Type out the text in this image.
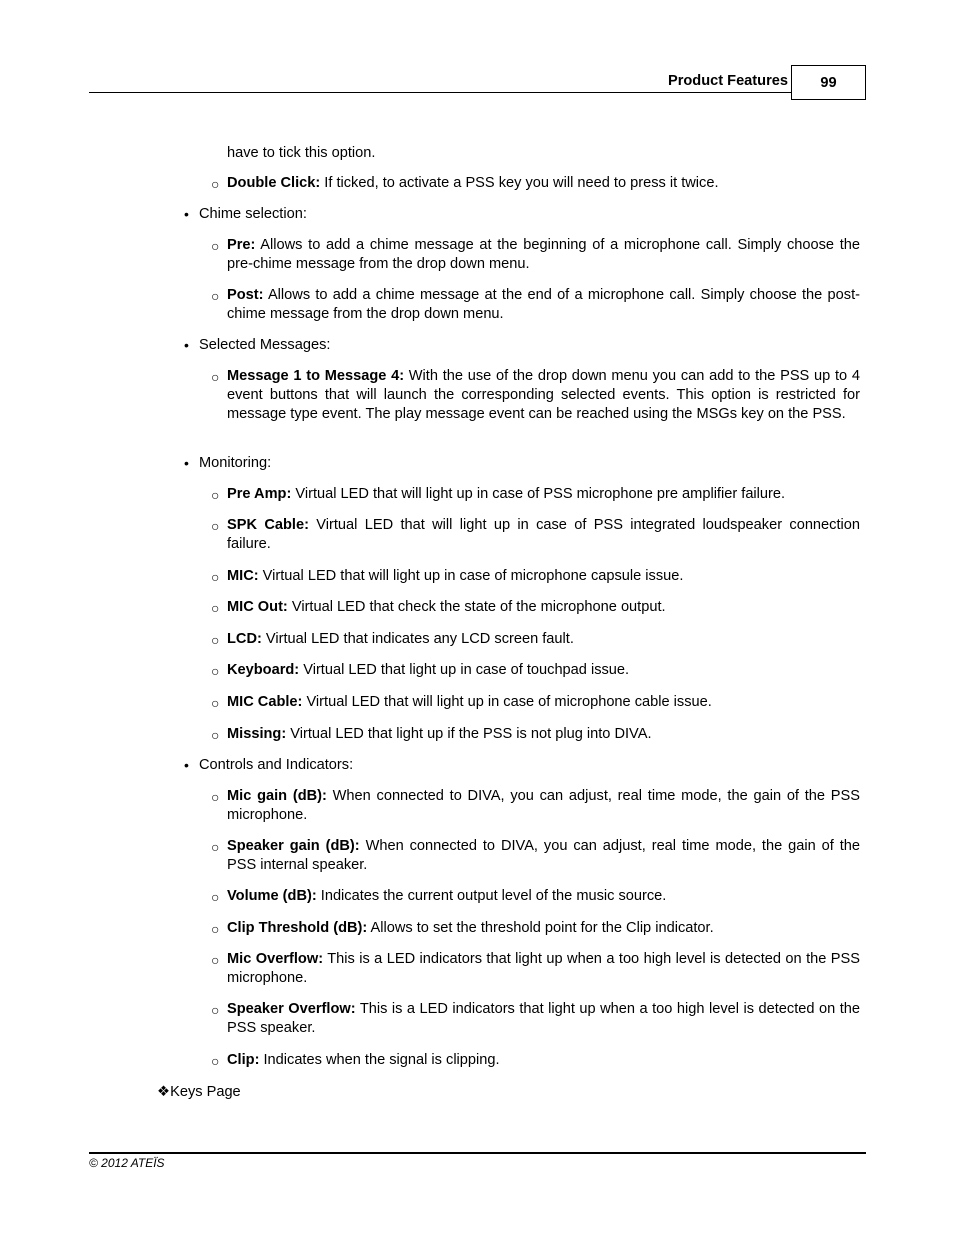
Product Features	99
have to tick this option.
○ Double Click: If ticked, to activate a PSS key you will need to press it twice.
• Chime selection:
○ Pre: Allows to add a chime message at the beginning of a microphone call. Simply choose the pre-chime message from the drop down menu.
○ Post: Allows to add a chime message at the end of a microphone call. Simply choose the post-chime message from the drop down menu.
• Selected Messages:
○ Message 1 to Message 4: With the use of the drop down menu you can add to the PSS up to 4 event buttons that will launch the corresponding selected events. This option is restricted for message type event. The play message event can be reached using the MSGs key on the PSS.
• Monitoring:
○ Pre Amp: Virtual LED that will light up in case of PSS microphone pre amplifier failure.
○ SPK Cable: Virtual LED that will light up in case of PSS integrated loudspeaker connection failure.
○ MIC: Virtual LED that will light up in case of microphone capsule issue.
○ MIC Out: Virtual LED that check the state of the microphone output.
○ LCD: Virtual LED that indicates any LCD screen fault.
○ Keyboard: Virtual LED that light up in case of touchpad issue.
○ MIC Cable: Virtual LED that will light up in case of microphone cable issue.
○ Missing: Virtual LED that light up if the PSS is not plug into DIVA.
• Controls and Indicators:
○ Mic gain (dB): When connected to DIVA, you can adjust, real time mode, the gain of the PSS microphone.
○ Speaker gain (dB): When connected to DIVA, you can adjust, real time mode, the gain of the PSS internal speaker.
○ Volume (dB): Indicates the current output level of the music source.
○ Clip Threshold (dB): Allows to set the threshold point for the Clip indicator.
○ Mic Overflow: This is a LED indicators that light up when a too high level is detected on the PSS microphone.
○ Speaker Overflow: This is a LED indicators that light up when a too high level is detected on the PSS speaker.
○ Clip: Indicates when the signal is clipping.
❖Keys Page
© 2012 ATEÏS
